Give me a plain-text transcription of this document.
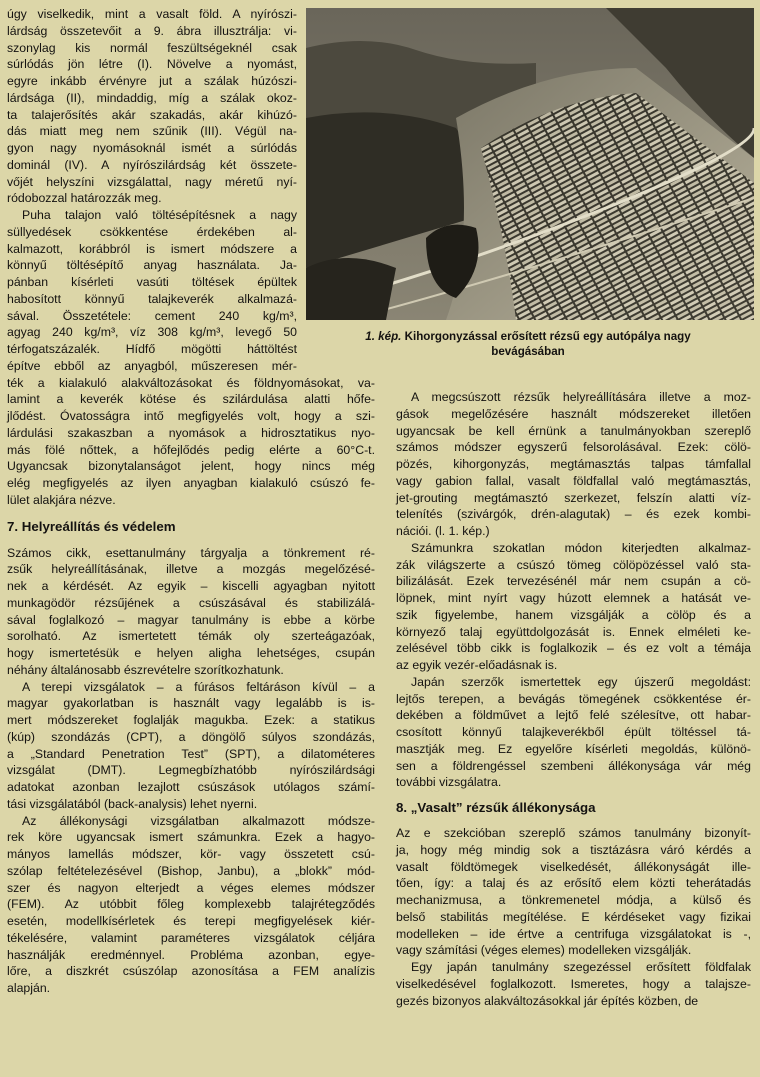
1. kép. Kihorgonyzással erősített rézsű egy autópálya nagy
bevágásában

úgy viselkedik, mint a vasalt föld. A nyírószi-
lárdság összetevőit a 9. ábra illusztrálja: vi-
szonylag kis normál feszültségeknél csak
súrlódás jön létre (I). Növelve a nyomást,
egyre inkább érvényre jut a szálak húzószi-
lárdsága (II), mindaddig, míg a szálak okoz-
ta talajerősítés akár szakadás, akár kihúzó-
dás miatt meg nem szűnik (III). Végül na-
gyon nagy nyomásoknál ismét a súrlódás
dominál (IV). A nyírószilárdság két összete-
vőjét helyszíni vizsgálattal, nagy méretű nyí-
ródobozzal határozzák meg.

Puha talajon való töltésépítésnek a nagy
süllyedések csökkentése érdekében al-
kalmazott, korábbról is ismert módszere a
könnyű töltésépítő anyag használata. Ja-
pánban kísérleti vasúti töltések épültek
habosított könnyű talajkeverék alkalmazá-
sával. Összetétele: cement 240 kg/m³,
agyag 240 kg/m³, víz 308 kg/m³, levegő 50
térfogatszázalék. Hídfő mögötti háttöltést
építve ebből az anyagból, műszeresen mér-
ték a kialakuló alakváltozásokat és földnyomásokat, va-
lamint a keverék kötése és szilárdulása alatti hőfe-
jlődést. Óvatosságra intő megfigyelés volt, hogy a szi-
lárdulási szakaszban a nyomások a hidrosztatikus nyo-
más fölé nőttek, a hőfejlődés pedig elérte a 60°C-t.
Ugyancsak bizonytalanságot jelent, hogy nincs még
elég megfigyelés az ilyen anyagban kialakuló csúszó fe-
lület alakjára nézve.

7. Helyreállítás és védelem

Számos cikk, esettanulmány tárgyalja a tönkrement ré-
zsűk helyreállításának, illetve a mozgás megelőzésé-
nek a kérdését. Az egyik – kiscelli agyagban nyitott
munkagödör rézsűjének a csúszásával és stabilizálá-
sával foglalkozó – magyar tanulmány is ebbe a körbe
sorolható. Az ismertetett témák oly szerteágazóak,
hogy ismertetésük e helyen aligha lehetséges, csupán
néhány általánosabb észrevételre szorítkozhatunk.

A terepi vizsgálatok – a fúrásos feltáráson kívül – a
magyar gyakorlatban is használt vagy legalább is is-
mert módszereket foglalják magukba. Ezek: a statikus
(kúp) szondázás (CPT), a döngölő súlyos szondázás,
a „Standard Penetration Test” (SPT), a dilatométeres
vizsgálat (DMT). Legmegbízhatóbb nyírószilárdsági
adatokat azonban lezajlott csúszások utólagos számí-
tási vizsgálatából (back-analysis) lehet nyerni.

Az állékonysági vizsgálatban alkalmazott módsze-
rek köre ugyancsak ismert számunkra. Ezek a hagyo-
mányos lamellás módszer, kör- vagy összetett csú-
szólap feltételezésével (Bishop, Janbu), a „blokk” mód-
szer és nagyon elterjedt a véges elemes módszer
(FEM). Az utóbbit főleg komplexebb talajrétegződés
esetén, modellkísérletek és terepi megfigyelések kiér-
tékelésére, valamint paraméteres vizsgálatok céljára
használják eredménnyel. Probléma azonban, egye-
lőre, a diszkrét csúszólap azonosítása a FEM analízis
alapján.

A megcsúszott rézsűk helyreállítására illetve a moz-
gások megelőzésére használt módszereket illetően
ugyancsak be kell érnünk a tanulmányokban szereplő
számos módszer egyszerű felsorolásával. Ezek: cölö-
pözés, kihorgonyzás, megtámasztás talpas támfallal
vagy gabion fallal, vasalt földfallal való megtámasztás,
jet-grouting megtámasztó szerkezet, felszín alatti víz-
telenítés (szivárgók, drén-alagutak) – és ezek kombi-
nációi. (l. 1. kép.)

Számunkra szokatlan módon kiterjedten alkalmaz-
zák világszerte a csúszó tömeg cölöpözéssel való sta-
bilizálását. Ezek tervezésénél már nem csupán a cö-
löpnek, mint nyírt vagy húzott elemnek a hatását ve-
szik figyelembe, hanem vizsgálják a cölöp és a
környező talaj együttdolgozását is. Ennek elméleti ke-
zelésével több cikk is foglalkozik – és ez volt a témája
az egyik vezér-előadásnak is.

Japán szerzők ismertettek egy újszerű megoldást:
lejtős terepen, a bevágás tömegének csökkentése ér-
dekében a földművet a lejtő felé szélesítve, ott habar-
csosított könnyű talajkeverékből épült töltéssel tá-
masztják meg. Ez egyelőre kísérleti megoldás, különö-
sen a földrengéssel szembeni állékonysága vár még
további vizsgálatra.

8. „Vasalt” rézsűk állékonysága

Az e szekcióban szereplő számos tanulmány bizonyít-
ja, hogy még mindig sok a tisztázásra váró kérdés a
vasalt földtömegek viselkedését, állékonyságát ille-
tően, így: a talaj és az erősítő elem közti teherátadás
mechanizmusa, a tönkremenetel módja, a külső és
belső stabilitás megítélése. E kérdéseket vagy fizikai
modelleken – ide értve a centrifuga vizsgálatokat is -,
vagy számítási (véges elemes) modelleken vizsgálják.

Egy japán tanulmány szegezéssel erősített földfalak
viselkedésével foglalkozott. Ismeretes, hogy a talajsze-
gezés bizonyos alakváltozásokkal jár építés közben, de
